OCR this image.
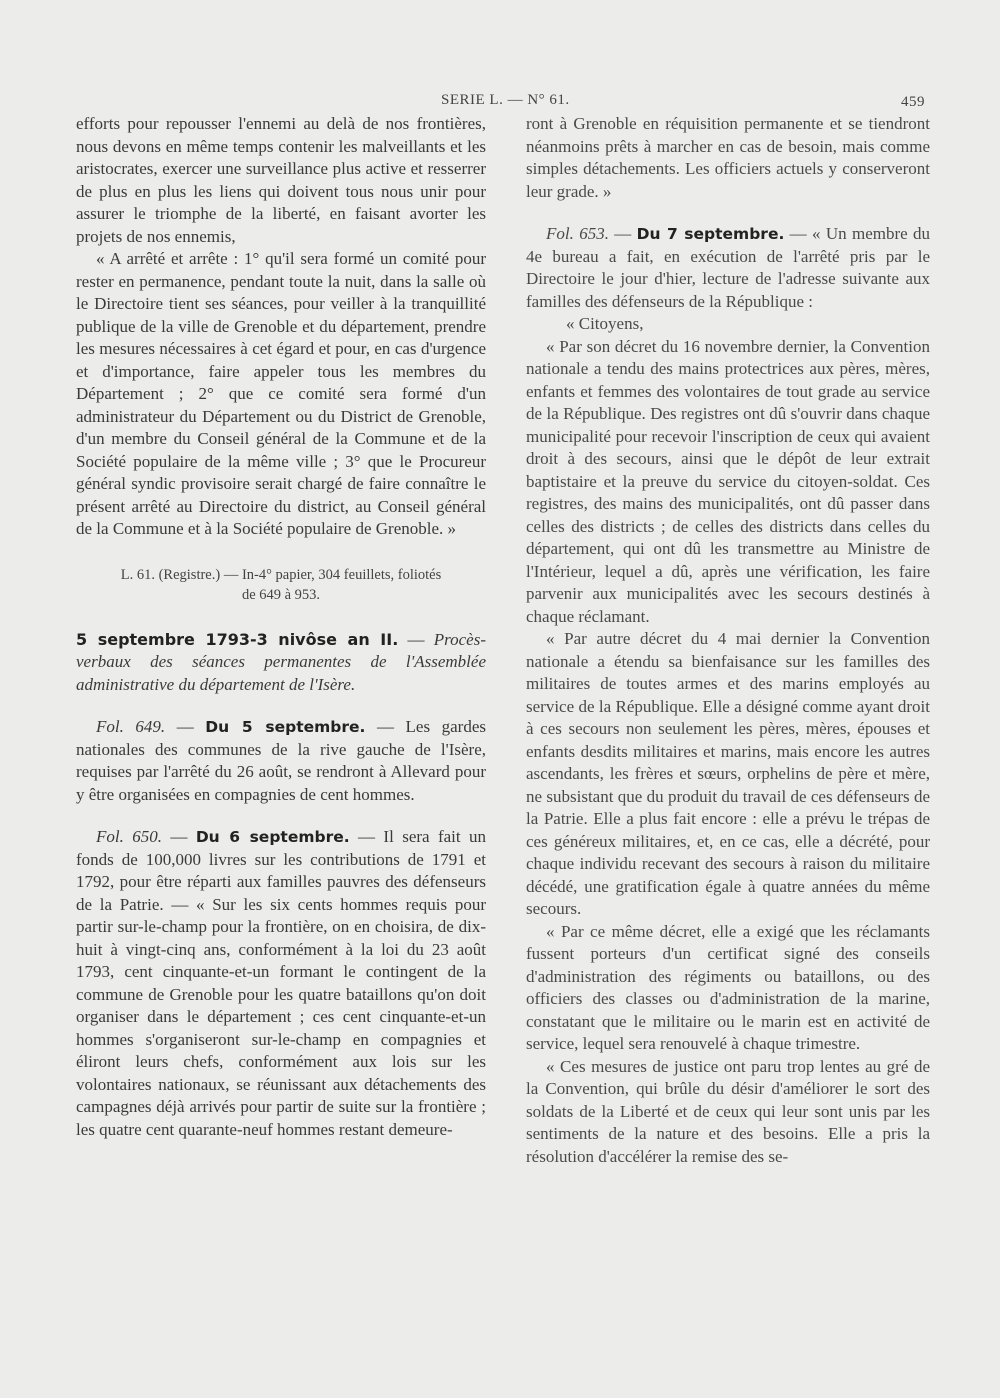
SERIE L. — N° 61.	459

efforts pour repousser l'ennemi au delà de nos frontières, nous devons en même temps contenir les malveillants et les aristocrates, exercer une surveillance plus active et resserrer de plus en plus les liens qui doivent tous nous unir pour assurer le triomphe de la liberté, en faisant avorter les projets de nos ennemis,

« A arrêté et arrête : 1° qu'il sera formé un comité pour rester en permanence, pendant toute la nuit, dans la salle où le Directoire tient ses séances, pour veiller à la tranquillité publique de la ville de Grenoble et du département, prendre les mesures nécessaires à cet égard et pour, en cas d'urgence et d'importance, faire appeler tous les membres du Département ; 2° que ce comité sera formé d'un administrateur du Département ou du District de Grenoble, d'un membre du Conseil général de la Commune et de la Société populaire de la même ville ; 3° que le Procureur général syndic provisoire serait chargé de faire connaître le présent arrêté au Directoire du district, au Conseil général de la Commune et à la Société populaire de Grenoble. »

L. 61. (Registre.) — In-4° papier, 304 feuillets, foliotés
de 649 à 953.

5 septembre 1793-3 nivôse an II. — Procès-verbaux des séances permanentes de l'Assemblée administrative du département de l'Isère.

Fol. 649. — Du 5 septembre. — Les gardes nationales des communes de la rive gauche de l'Isère, requises par l'arrêté du 26 août, se rendront à Allevard pour y être organisées en compagnies de cent hommes.

Fol. 650. — Du 6 septembre. — Il sera fait un fonds de 100,000 livres sur les contributions de 1791 et 1792, pour être réparti aux familles pauvres des défenseurs de la Patrie. — « Sur les six cents hommes requis pour partir sur-le-champ pour la frontière, on en choisira, de dix-huit à vingt-cinq ans, conformément à la loi du 23 août 1793, cent cinquante-et-un formant le contingent de la commune de Grenoble pour les quatre bataillons qu'on doit organiser dans le département ; ces cent cinquante-et-un hommes s'organiseront sur-le-champ en compagnies et éliront leurs chefs, conformément aux lois sur les volontaires nationaux, se réunissant aux détachements des campagnes déjà arrivés pour partir de suite sur la frontière ; les quatre cent quarante-neuf hommes restant demeure-

ront à Grenoble en réquisition permanente et se tiendront néanmoins prêts à marcher en cas de besoin, mais comme simples détachements. Les officiers actuels y conserveront leur grade. »

Fol. 653. — Du 7 septembre. — « Un membre du 4e bureau a fait, en exécution de l'arrêté pris par le Directoire le jour d'hier, lecture de l'adresse suivante aux familles des défenseurs de la République :

« Citoyens,

« Par son décret du 16 novembre dernier, la Convention nationale a tendu des mains protectrices aux pères, mères, enfants et femmes des volontaires de tout grade au service de la République. Des registres ont dû s'ouvrir dans chaque municipalité pour recevoir l'inscription de ceux qui avaient droit à des secours, ainsi que le dépôt de leur extrait baptistaire et la preuve du service du citoyen-soldat. Ces registres, des mains des municipalités, ont dû passer dans celles des districts ; de celles des districts dans celles du département, qui ont dû les transmettre au Ministre de l'Intérieur, lequel a dû, après une vérification, les faire parvenir aux municipalités avec les secours destinés à chaque réclamant.

« Par autre décret du 4 mai dernier la Convention nationale a étendu sa bienfaisance sur les familles des militaires de toutes armes et des marins employés au service de la République. Elle a désigné comme ayant droit à ces secours non seulement les pères, mères, épouses et enfants desdits militaires et marins, mais encore les autres ascendants, les frères et sœurs, orphelins de père et mère, ne subsistant que du produit du travail de ces défenseurs de la Patrie. Elle a plus fait encore : elle a prévu le trépas de ces généreux militaires, et, en ce cas, elle a décrété, pour chaque individu recevant des secours à raison du militaire décédé, une gratification égale à quatre années du même secours.

« Par ce même décret, elle a exigé que les réclamants fussent porteurs d'un certificat signé des conseils d'administration des régiments ou bataillons, ou des officiers des classes ou d'administration de la marine, constatant que le militaire ou le marin est en activité de service, lequel sera renouvelé à chaque trimestre.

« Ces mesures de justice ont paru trop lentes au gré de la Convention, qui brûle du désir d'améliorer le sort des soldats de la Liberté et de ceux qui leur sont unis par les sentiments de la nature et des besoins. Elle a pris la résolution d'accélérer la remise des se-
